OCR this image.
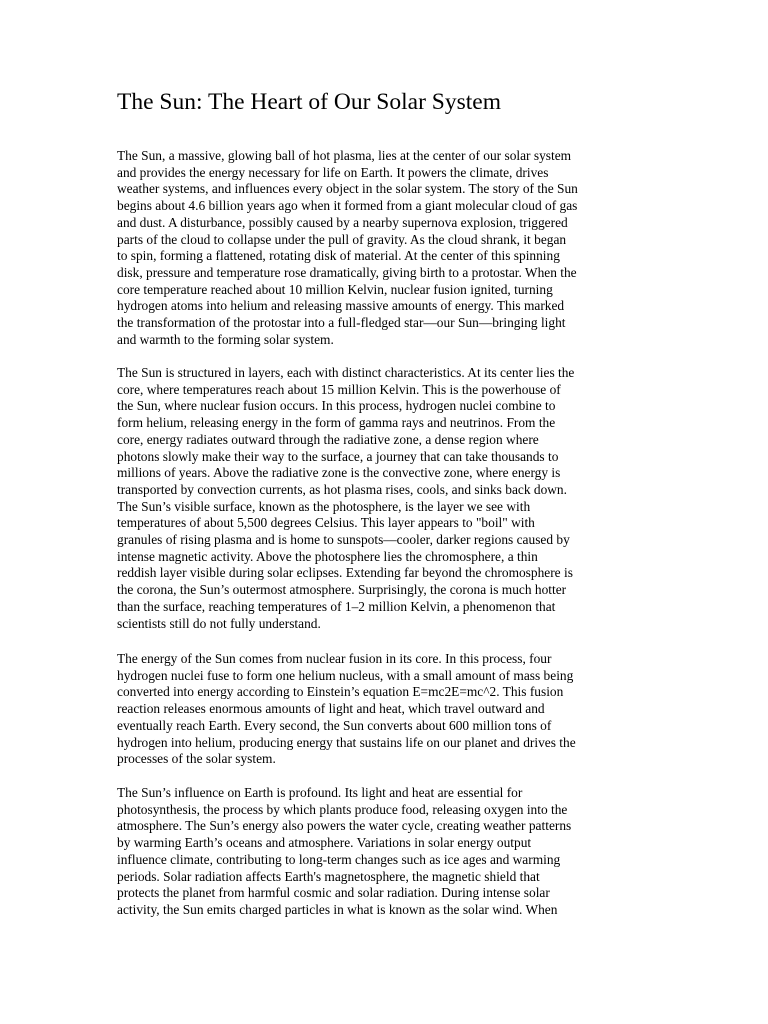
The Sun: The Heart of Our Solar System

The Sun, a massive, glowing ball of hot plasma, lies at the center of our solar system
and provides the energy necessary for life on Earth. It powers the climate, drives
weather systems, and influences every object in the solar system. The story of the Sun
begins about 4.6 billion years ago when it formed from a giant molecular cloud of gas
and dust. A disturbance, possibly caused by a nearby supernova explosion, triggered
parts of the cloud to collapse under the pull of gravity. As the cloud shrank, it began
to spin, forming a flattened, rotating disk of material. At the center of this spinning
disk, pressure and temperature rose dramatically, giving birth to a protostar. When the
core temperature reached about 10 million Kelvin, nuclear fusion ignited, turning
hydrogen atoms into helium and releasing massive amounts of energy. This marked
the transformation of the protostar into a full-fledged star—our Sun—bringing light
and warmth to the forming solar system.

The Sun is structured in layers, each with distinct characteristics. At its center lies the
core, where temperatures reach about 15 million Kelvin. This is the powerhouse of
the Sun, where nuclear fusion occurs. In this process, hydrogen nuclei combine to
form helium, releasing energy in the form of gamma rays and neutrinos. From the
core, energy radiates outward through the radiative zone, a dense region where
photons slowly make their way to the surface, a journey that can take thousands to
millions of years. Above the radiative zone is the convective zone, where energy is
transported by convection currents, as hot plasma rises, cools, and sinks back down.
The Sun’s visible surface, known as the photosphere, is the layer we see with
temperatures of about 5,500 degrees Celsius. This layer appears to "boil" with
granules of rising plasma and is home to sunspots—cooler, darker regions caused by
intense magnetic activity. Above the photosphere lies the chromosphere, a thin
reddish layer visible during solar eclipses. Extending far beyond the chromosphere is
the corona, the Sun’s outermost atmosphere. Surprisingly, the corona is much hotter
than the surface, reaching temperatures of 1–2 million Kelvin, a phenomenon that
scientists still do not fully understand.

The energy of the Sun comes from nuclear fusion in its core. In this process, four
hydrogen nuclei fuse to form one helium nucleus, with a small amount of mass being
converted into energy according to Einstein’s equation E=mc2E=mc^2. This fusion
reaction releases enormous amounts of light and heat, which travel outward and
eventually reach Earth. Every second, the Sun converts about 600 million tons of
hydrogen into helium, producing energy that sustains life on our planet and drives the
processes of the solar system.

The Sun’s influence on Earth is profound. Its light and heat are essential for
photosynthesis, the process by which plants produce food, releasing oxygen into the
atmosphere. The Sun’s energy also powers the water cycle, creating weather patterns
by warming Earth’s oceans and atmosphere. Variations in solar energy output
influence climate, contributing to long-term changes such as ice ages and warming
periods. Solar radiation affects Earth's magnetosphere, the magnetic shield that
protects the planet from harmful cosmic and solar radiation. During intense solar
activity, the Sun emits charged particles in what is known as the solar wind. When
